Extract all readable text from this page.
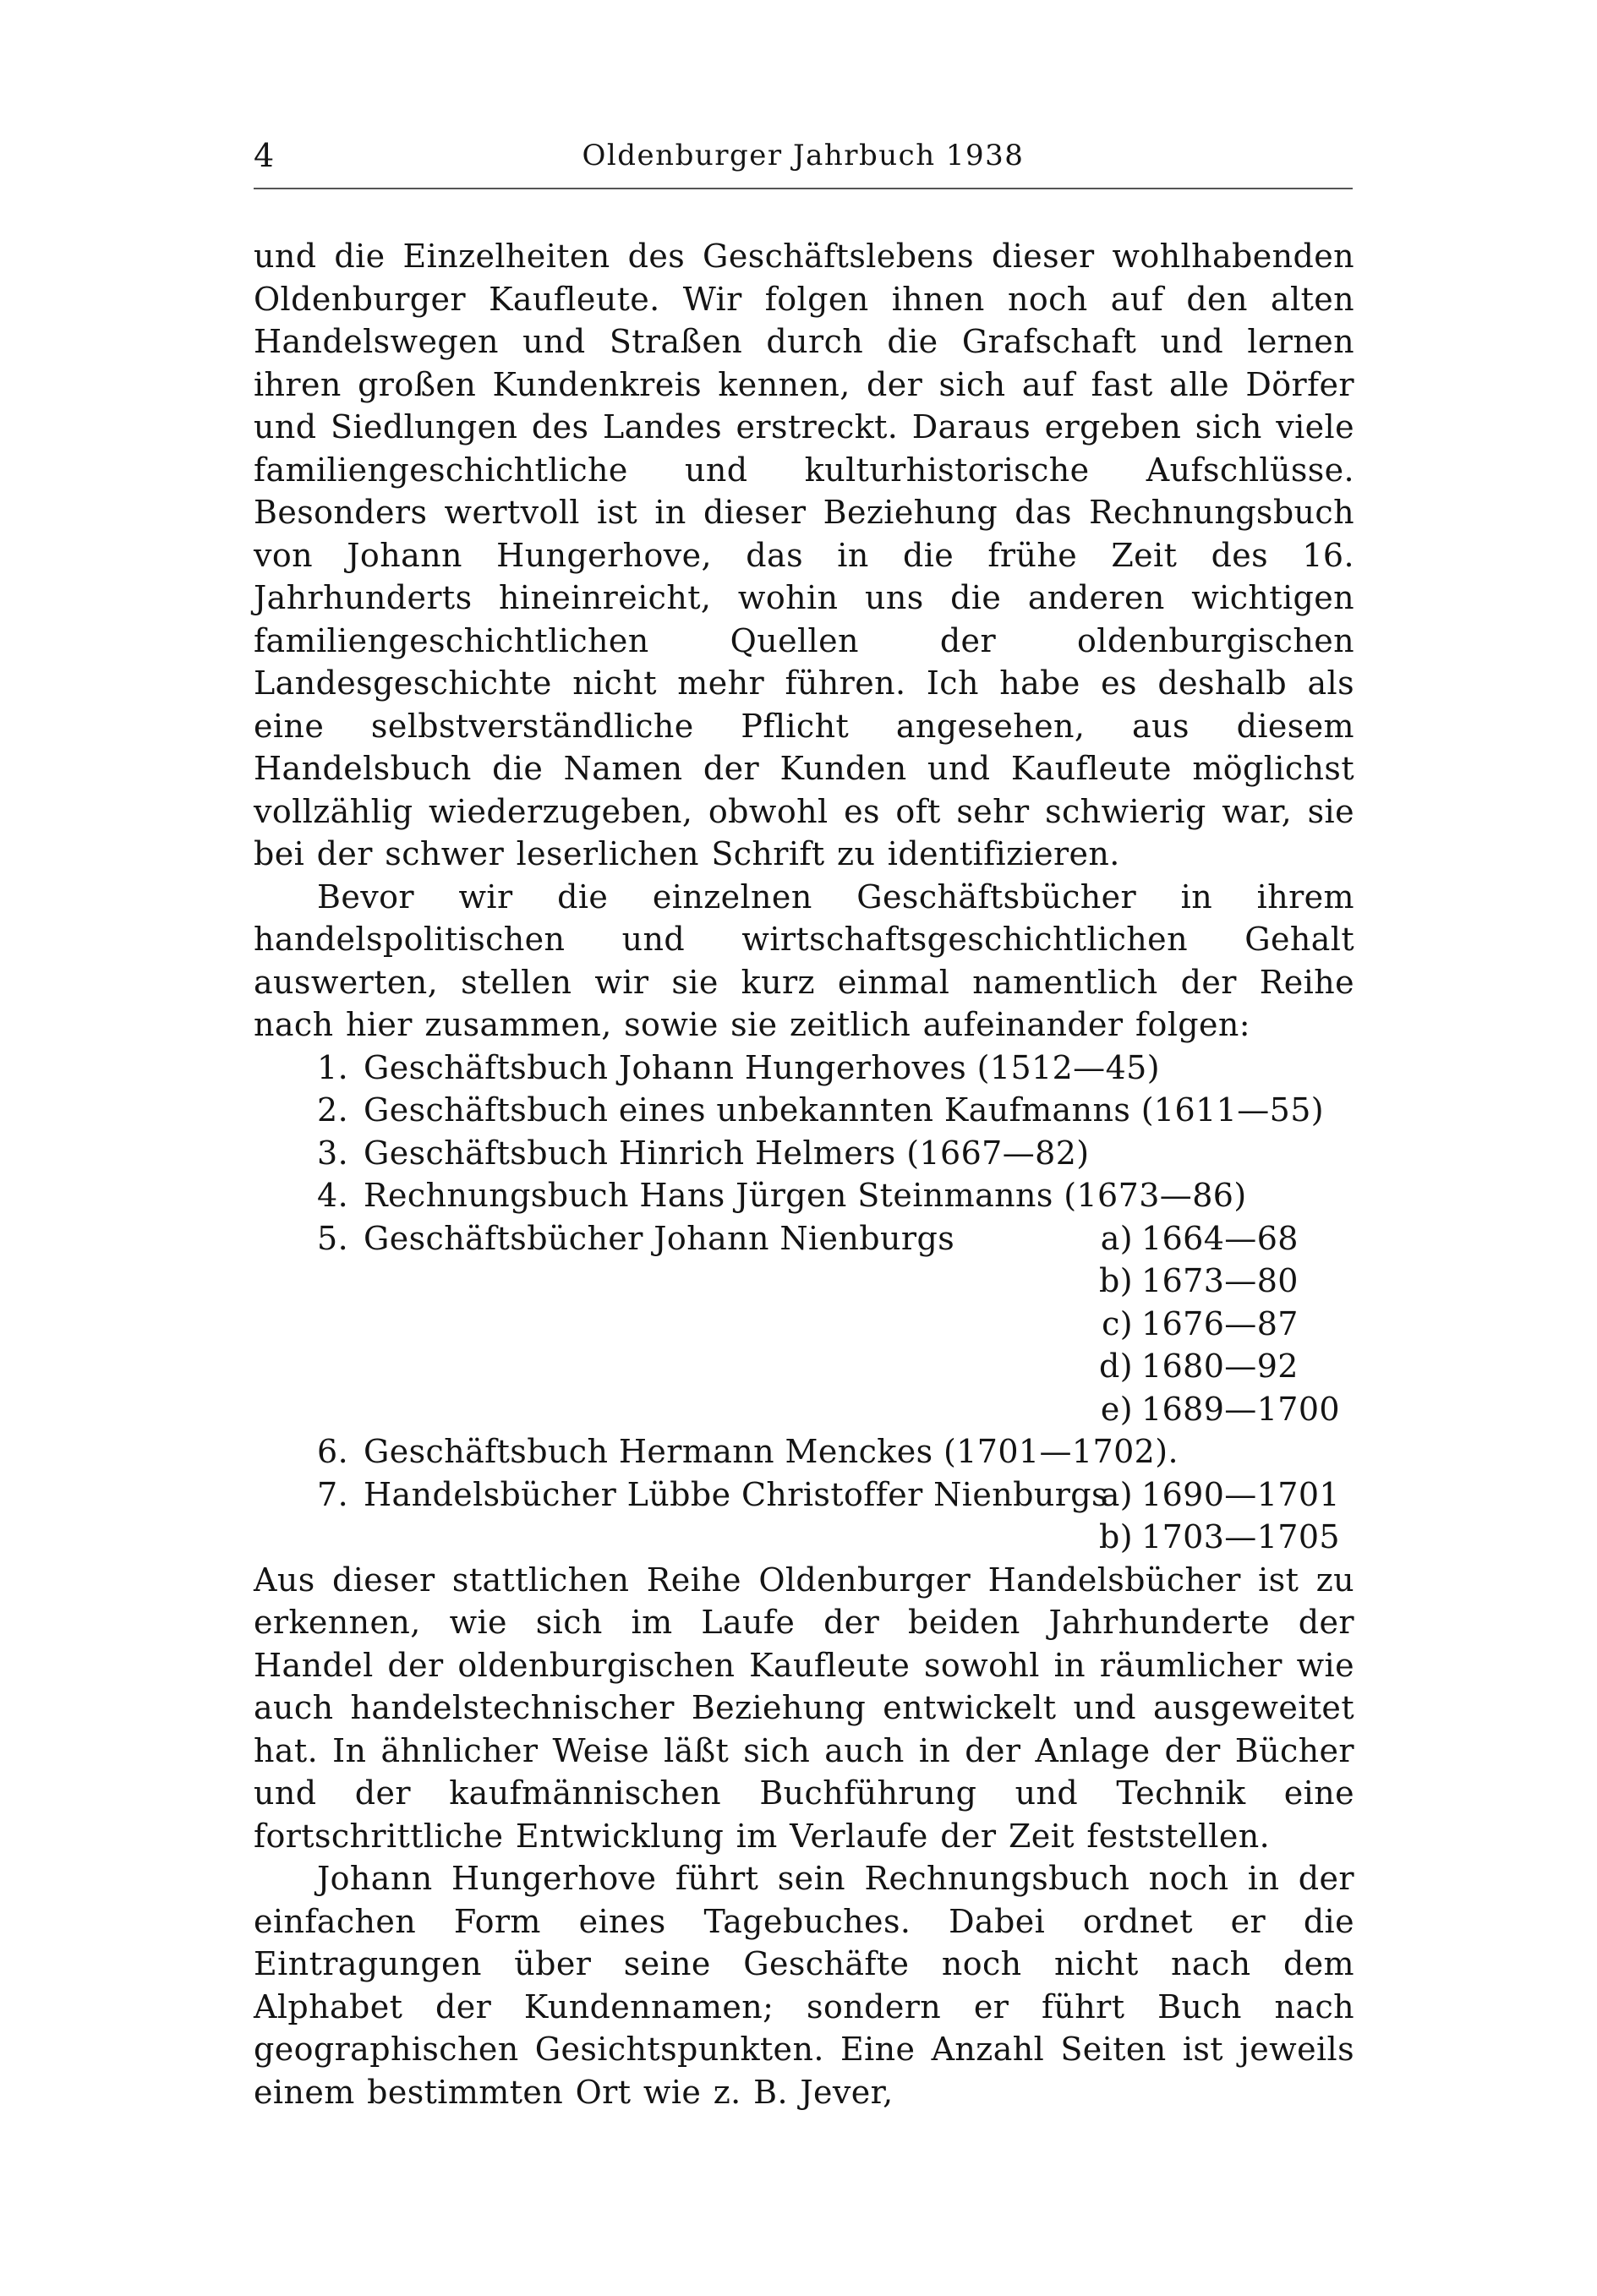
4	Oldenburger Jahrbuch 1938

und die Einzelheiten des Geschäftslebens dieser wohlhabenden Oldenburger Kaufleute. Wir folgen ihnen noch auf den alten Handelswegen und Straßen durch die Grafschaft und lernen ihren großen Kundenkreis kennen, der sich auf fast alle Dörfer und Siedlungen des Landes erstreckt. Daraus ergeben sich viele familiengeschichtliche und kulturhistorische Aufschlüsse. Besonders wertvoll ist in dieser Beziehung das Rechnungsbuch von Johann Hungerhove, das in die frühe Zeit des 16. Jahrhunderts hineinreicht, wohin uns die anderen wichtigen familiengeschichtlichen Quellen der oldenburgischen Landesgeschichte nicht mehr führen. Ich habe es deshalb als eine selbstverständliche Pflicht angesehen, aus diesem Handelsbuch die Namen der Kunden und Kaufleute möglichst vollzählig wiederzugeben, obwohl es oft sehr schwierig war, sie bei der schwer leserlichen Schrift zu identifizieren.

Bevor wir die einzelnen Geschäftsbücher in ihrem handelspolitischen und wirtschaftsgeschichtlichen Gehalt auswerten, stellen wir sie kurz einmal namentlich der Reihe nach hier zusammen, sowie sie zeitlich aufeinander folgen:

1. Geschäftsbuch Johann Hungerhoves (1512—45)
2. Geschäftsbuch eines unbekannten Kaufmanns (1611—55)
3. Geschäftsbuch Hinrich Helmers (1667—82)
4. Rechnungsbuch Hans Jürgen Steinmanns (1673—86)
5. Geschäftsbücher Johann Nienburgs	a) 1664—68
b) 1673—80
c) 1676—87
d) 1680—92
e) 1689—1700
6. Geschäftsbuch Hermann Menckes (1701—1702).
7. Handelsbücher Lübbe Christoffer Nienburgs
a) 1690—1701
b) 1703—1705

Aus dieser stattlichen Reihe Oldenburger Handelsbücher ist zu erkennen, wie sich im Laufe der beiden Jahrhunderte der Handel der oldenburgischen Kaufleute sowohl in räumlicher wie auch handelstechnischer Beziehung entwickelt und ausgeweitet hat. In ähnlicher Weise läßt sich auch in der Anlage der Bücher und der kaufmännischen Buchführung und Technik eine fortschrittliche Entwicklung im Verlaufe der Zeit feststellen.

Johann Hungerhove führt sein Rechnungsbuch noch in der einfachen Form eines Tagebuches. Dabei ordnet er die Eintragungen über seine Geschäfte noch nicht nach dem Alphabet der Kundennamen; sondern er führt Buch nach geographischen Gesichtspunkten. Eine Anzahl Seiten ist jeweils einem bestimmten Ort wie z. B. Jever,
